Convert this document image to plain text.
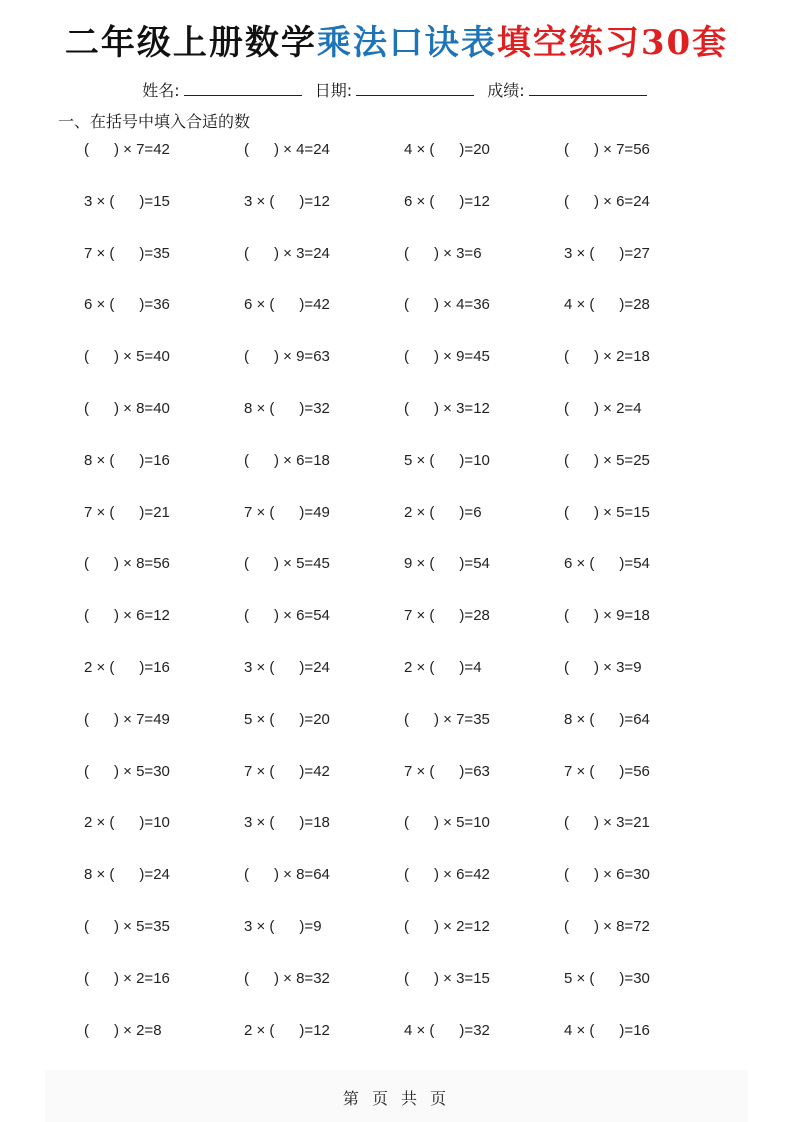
二年级上册数学乘法口诀表填空练习30套
姓名:	日期:	成绩:
一、在括号中填入合适的数
(      ) × 7=42	(      ) × 4=24	4 × (      )=20	(      ) × 7=56
3 × (      )=15	3 × (      )=12	6 × (      )=12	(      ) × 6=24
7 × (      )=35	(      ) × 3=24	(      ) × 3=6	3 × (      )=27
6 × (      )=36	6 × (      )=42	(      ) × 4=36	4 × (      )=28
(      ) × 5=40	(      ) × 9=63	(      ) × 9=45	(      ) × 2=18
(      ) × 8=40	8 × (      )=32	(      ) × 3=12	(      ) × 2=4
8 × (      )=16	(      ) × 6=18	5 × (      )=10	(      ) × 5=25
7 × (      )=21	7 × (      )=49	2 × (      )=6	(      ) × 5=15
(      ) × 8=56	(      ) × 5=45	9 × (      )=54	6 × (      )=54
(      ) × 6=12	(      ) × 6=54	7 × (      )=28	(      ) × 9=18
2 × (      )=16	3 × (      )=24	2 × (      )=4	(      ) × 3=9
(      ) × 7=49	5 × (      )=20	(      ) × 7=35	8 × (      )=64
(      ) × 5=30	7 × (      )=42	7 × (      )=63	7 × (      )=56
2 × (      )=10	3 × (      )=18	(      ) × 5=10	(      ) × 3=21
8 × (      )=24	(      ) × 8=64	(      ) × 6=42	(      ) × 6=30
(      ) × 5=35	3 × (      )=9	(      ) × 2=12	(      ) × 8=72
(      ) × 2=16	(      ) × 8=32	(      ) × 3=15	5 × (      )=30
(      ) × 2=8	2 × (      )=12	4 × (      )=32	4 × (      )=16
第 页 共 页
